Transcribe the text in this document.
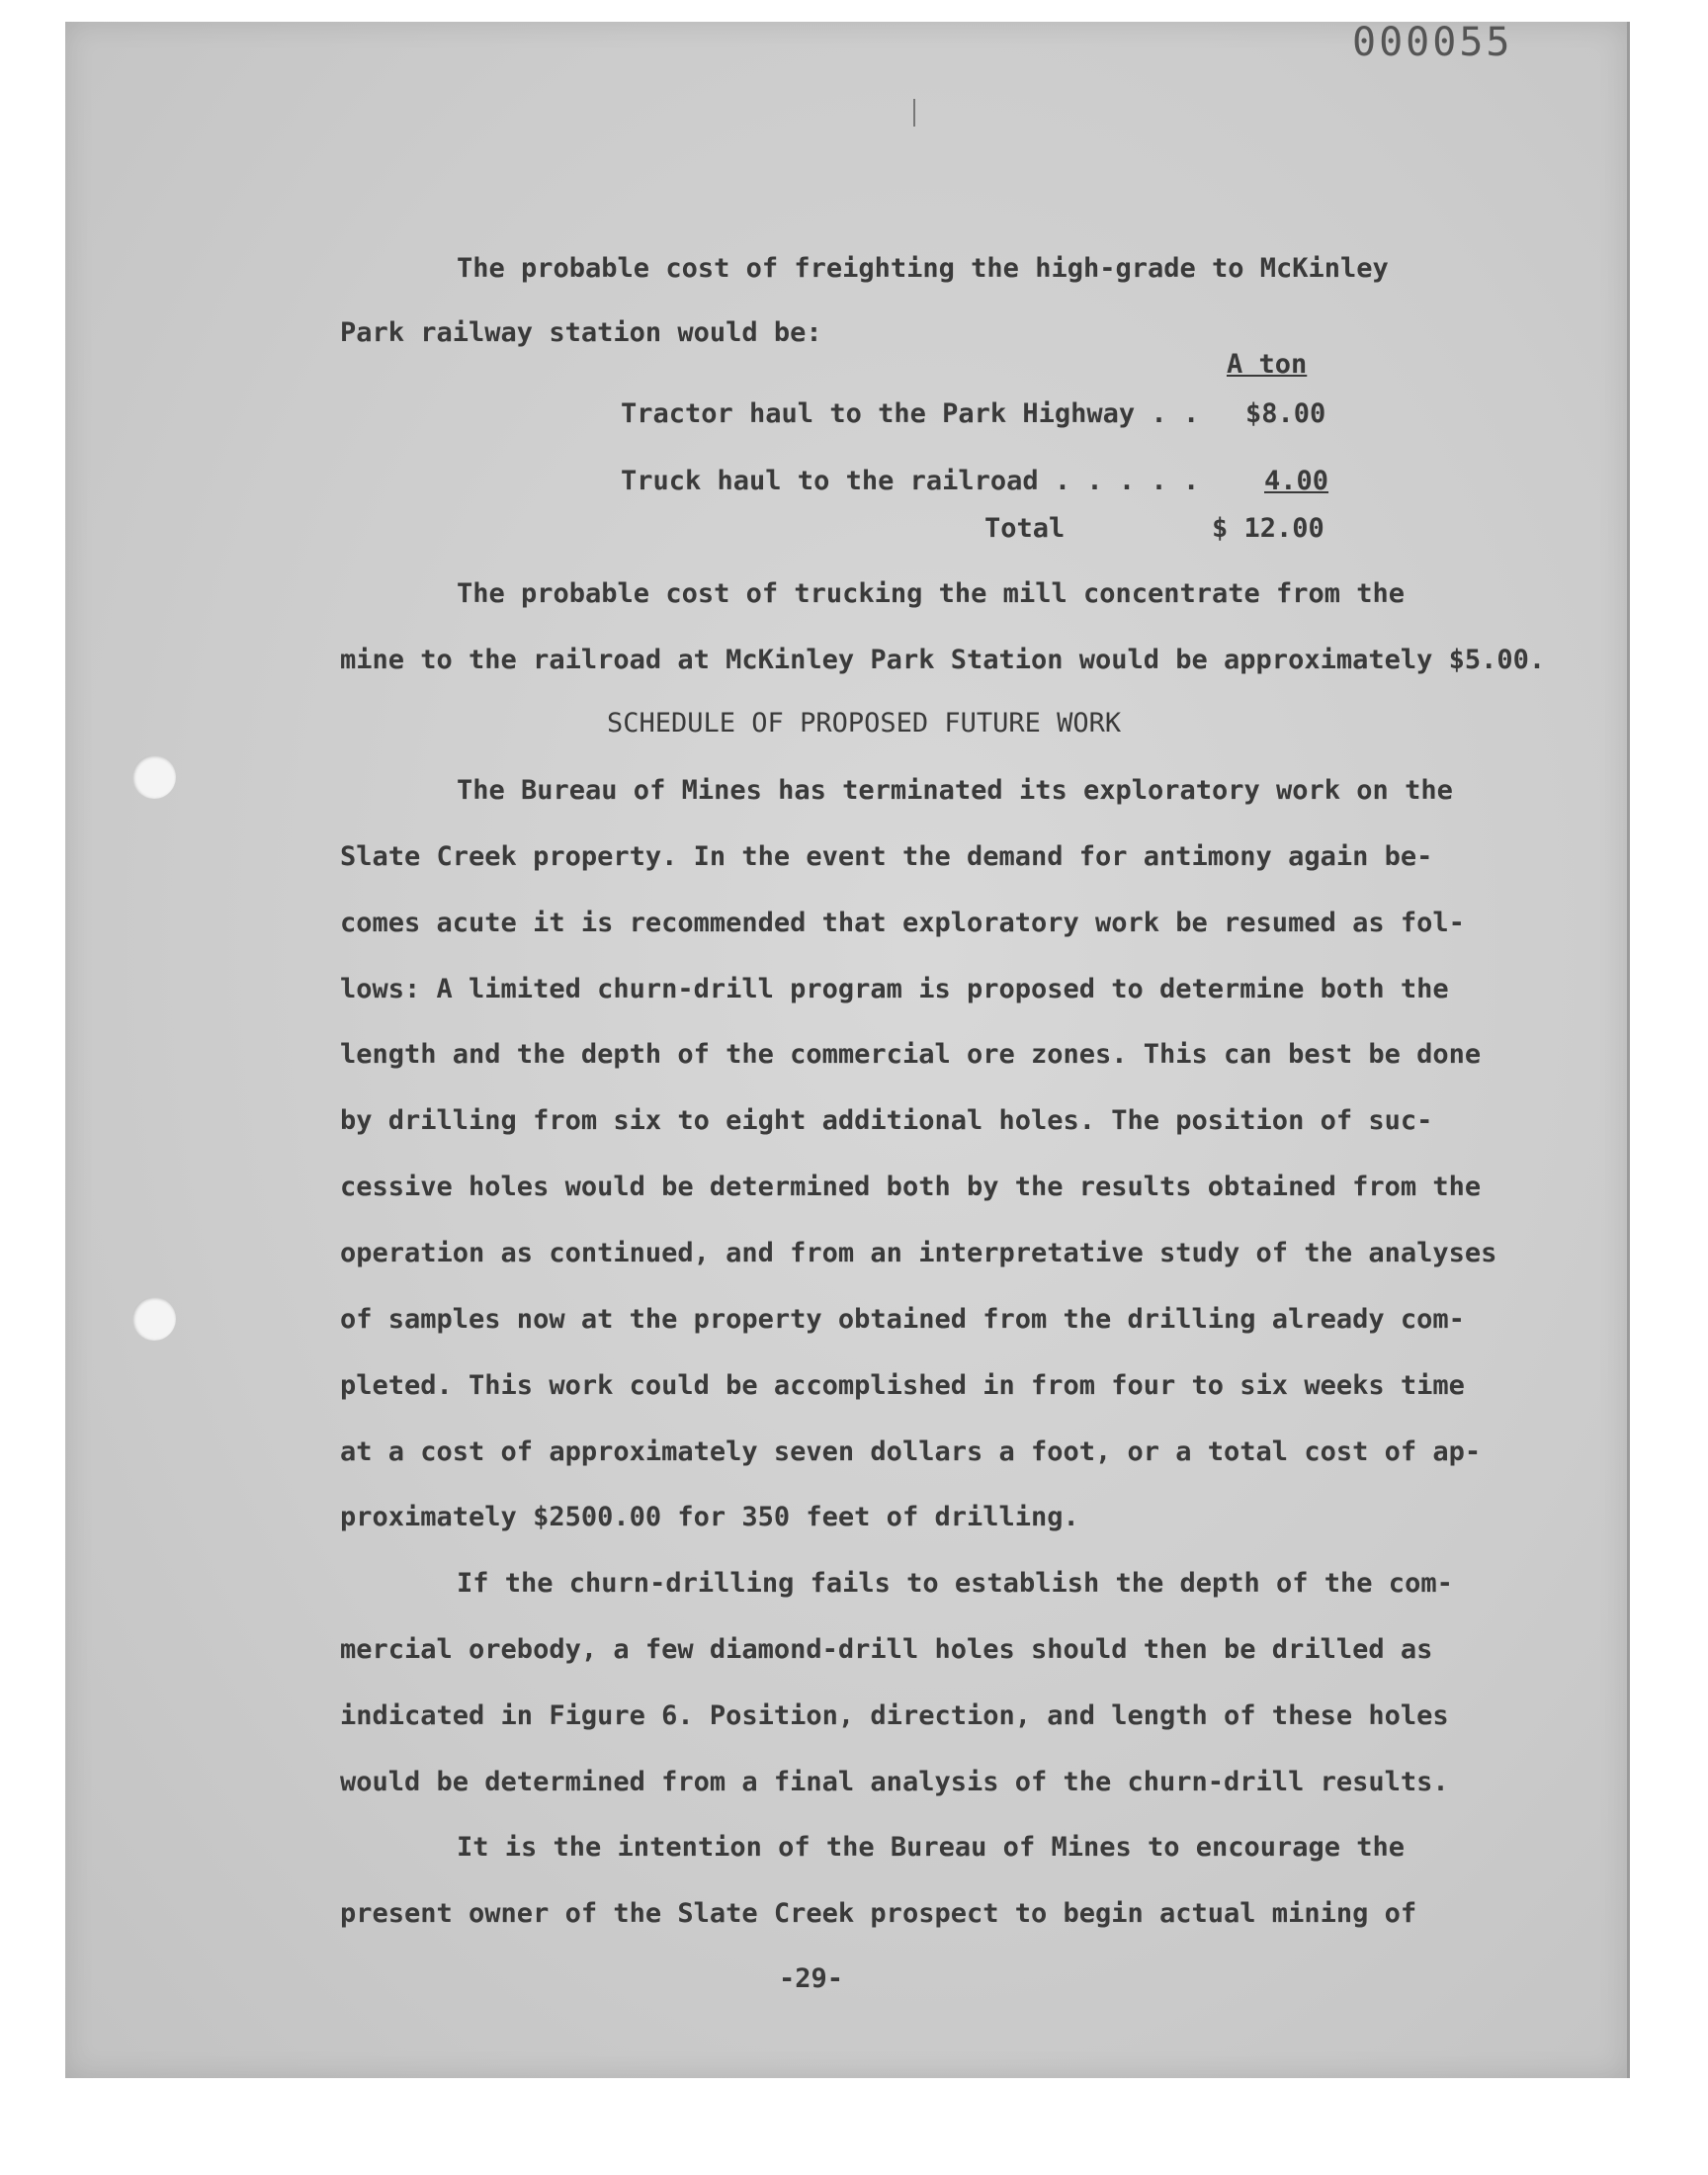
000055
The probable cost of freighting the high-grade to McKinley
Park railway station would be:
A ton
Tractor haul to the Park Highway . . $8.00
Truck haul to the railroad . . . . . 4.00
Total	$ 12.00
The probable cost of trucking the mill concentrate from the
mine to the railroad at McKinley Park Station would be approximately $5.00.
SCHEDULE OF PROPOSED FUTURE WORK
The Bureau of Mines has terminated its exploratory work on the
Slate Creek property. In the event the demand for antimony again be-
comes acute it is recommended that exploratory work be resumed as fol-
lows: A limited churn-drill program is proposed to determine both the
length and the depth of the commercial ore zones. This can best be done
by drilling from six to eight additional holes. The position of suc-
cessive holes would be determined both by the results obtained from the
operation as continued, and from an interpretative study of the analyses
of samples now at the property obtained from the drilling already com-
pleted. This work could be accomplished in from four to six weeks time
at a cost of approximately seven dollars a foot, or a total cost of ap-
proximately $2500.00 for 350 feet of drilling.
If the churn-drilling fails to establish the depth of the com-
mercial orebody, a few diamond-drill holes should then be drilled as
indicated in Figure 6. Position, direction, and length of these holes
would be determined from a final analysis of the churn-drill results.
It is the intention of the Bureau of Mines to encourage the
present owner of the Slate Creek prospect to begin actual mining of
-29-
